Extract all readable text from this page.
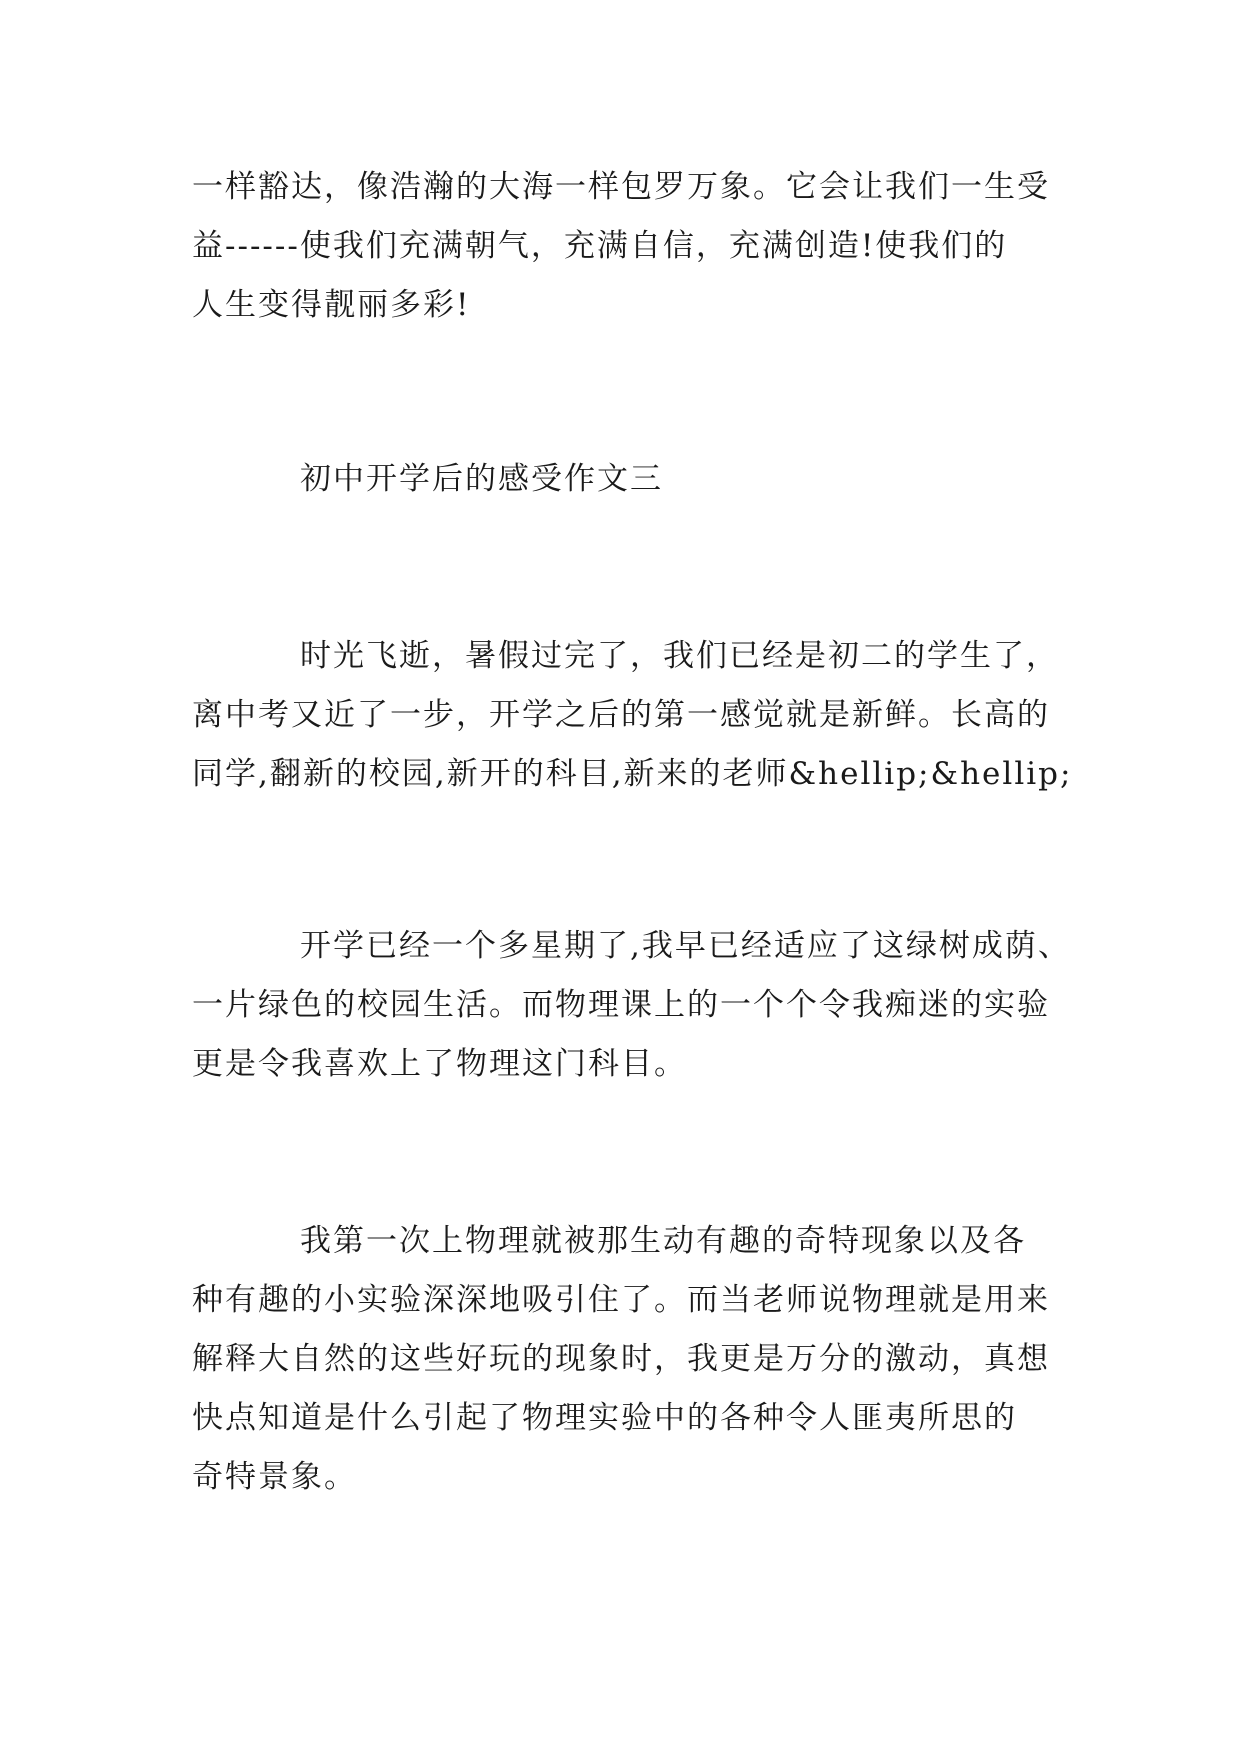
一样豁达，像浩瀚的大海一样包罗万象。它会让我们一生受
益------使我们充满朝气，充满自信，充满创造!使我们的
人生变得靓丽多彩!
初中开学后的感受作文三
时光飞逝，暑假过完了，我们已经是初二的学生了，
离中考又近了一步，开学之后的第一感觉就是新鲜。长高的
同学,翻新的校园,新开的科目,新来的老师&hellip;&hellip;
开学已经一个多星期了,我早已经适应了这绿树成荫、
一片绿色的校园生活。而物理课上的一个个令我痴迷的实验
更是令我喜欢上了物理这门科目。
我第一次上物理就被那生动有趣的奇特现象以及各
种有趣的小实验深深地吸引住了。而当老师说物理就是用来
解释大自然的这些好玩的现象时，我更是万分的激动，真想
快点知道是什么引起了物理实验中的各种令人匪夷所思的
奇特景象。
